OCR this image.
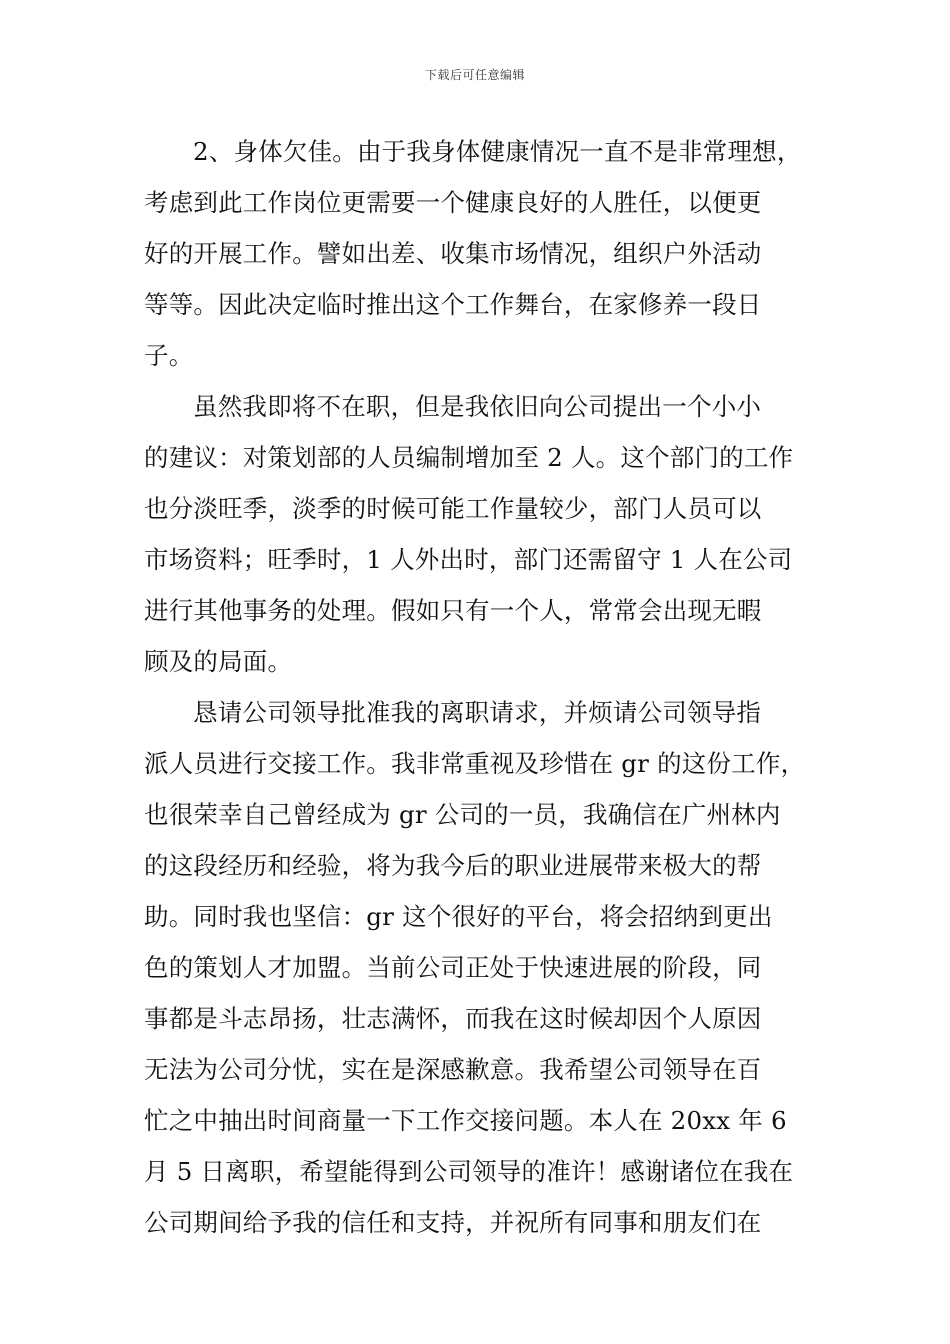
下载后可任意编辑
2、身体欠佳。由于我身体健康情况一直不是非常理想，
考虑到此工作岗位更需要一个健康良好的人胜任，以便更
好的开展工作。譬如出差、收集市场情况，组织户外活动
等等。因此决定临时推出这个工作舞台，在家修养一段日
子。
虽然我即将不在职，但是我依旧向公司提出一个小小
的建议：对策划部的人员编制增加至 2 人。这个部门的工作
也分淡旺季，淡季的时候可能工作量较少，部门人员可以
市场资料；旺季时，1 人外出时，部门还需留守 1 人在公司
进行其他事务的处理。假如只有一个人，常常会出现无暇
顾及的局面。
恳请公司领导批准我的离职请求，并烦请公司领导指
派人员进行交接工作。我非常重视及珍惜在 gr 的这份工作，
也很荣幸自己曾经成为 gr 公司的一员，我确信在广州林内
的这段经历和经验，将为我今后的职业进展带来极大的帮
助。同时我也坚信：gr 这个很好的平台，将会招纳到更出
色的策划人才加盟。当前公司正处于快速进展的阶段，同
事都是斗志昂扬，壮志满怀，而我在这时候却因个人原因
无法为公司分忧，实在是深感歉意。我希望公司领导在百
忙之中抽出时间商量一下工作交接问题。本人在 20xx 年 6
月 5 日离职，希望能得到公司领导的准许！感谢诸位在我在
公司期间给予我的信任和支持，并祝所有同事和朋友们在
